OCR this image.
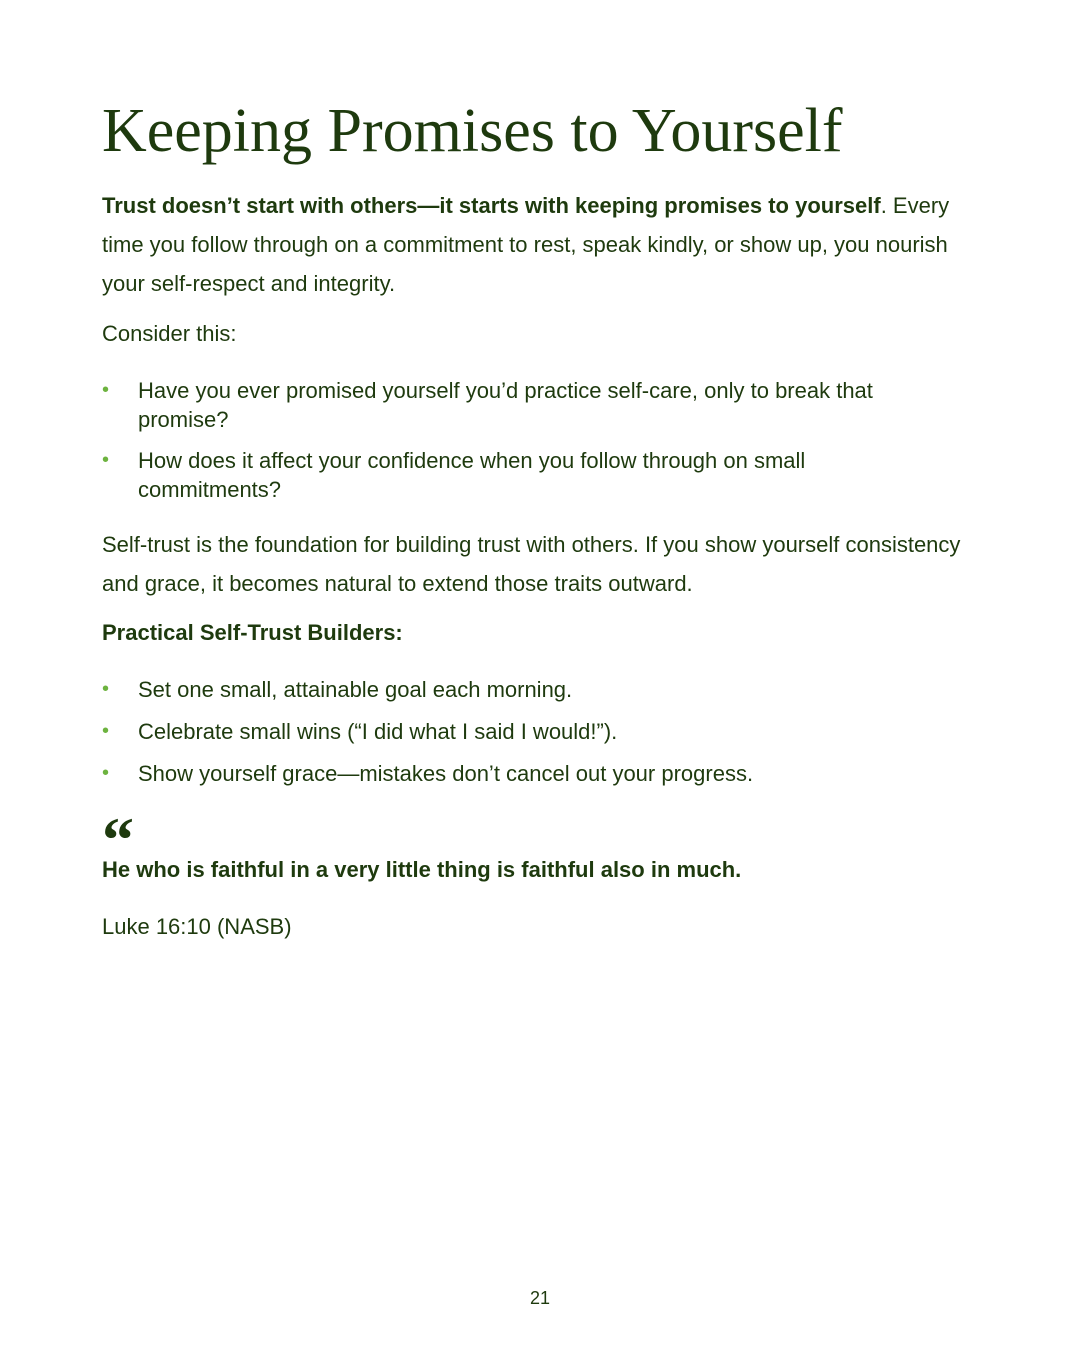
Keeping Promises to Yourself

Trust doesn’t start with others—it starts with keeping promises to yourself. Every time you follow through on a commitment to rest, speak kindly, or show up, you nourish your self-respect and integrity.

Consider this:

• Have you ever promised yourself you’d practice self-care, only to break that promise?
• How does it affect your confidence when you follow through on small commitments?

Self-trust is the foundation for building trust with others. If you show yourself consistency and grace, it becomes natural to extend those traits outward.

Practical Self-Trust Builders:

• Set one small, attainable goal each morning.
• Celebrate small wins (“I did what I said I would!”).
• Show yourself grace—mistakes don’t cancel out your progress.
“

He who is faithful in a very little thing is faithful also in much.

Luke 16:10 (NASB)

21
